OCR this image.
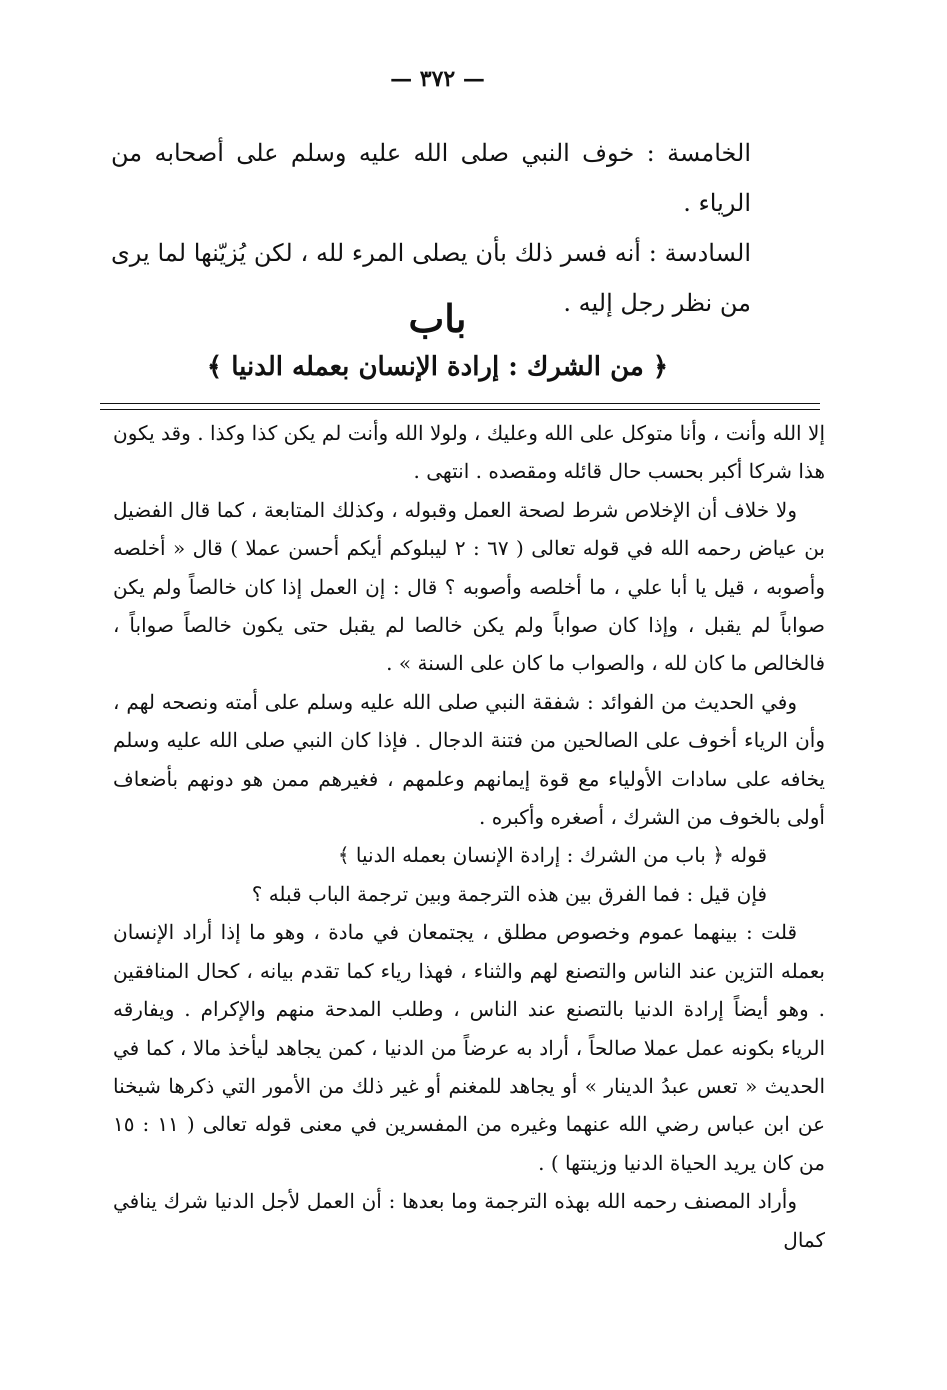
— ٣٧٢ —

الخامسة : خوف النبي صلى الله عليه وسلم على أصحابه من الرياء .

السادسة : أنه فسر ذلك بأن يصلى المرء لله ، لكن يُزيّنها لما يرى من نظر رجل إليه .

باب
﴿ من الشرك : إرادة الإنسان بعمله الدنيا ﴾

إلا الله وأنت ، وأنا متوكل على الله وعليك ، ولولا الله وأنت لم يكن كذا وكذا . وقد يكون هذا شركا أكبر بحسب حال قائله ومقصده . انتهى .

ولا خلاف أن الإخلاص شرط لصحة العمل وقبوله ، وكذلك المتابعة ، كما قال الفضيل بن عياض رحمه الله في قوله تعالى ( ٦٧ : ٢ ليبلوكم أيكم أحسن عملا ) قال « أخلصه وأصوبه ، قيل يا أبا علي ، ما أخلصه وأصوبه ؟ قال : إن العمل إذا كان خالصاً ولم يكن صواباً لم يقبل ، وإذا كان صواباً ولم يكن خالصا لم يقبل حتى يكون خالصاً صواباً ، فالخالص ما كان لله ، والصواب ما كان على السنة » .

وفي الحديث من الفوائد : شفقة النبي صلى الله عليه وسلم على أمته ونصحه لهم ، وأن الرياء أخوف على الصالحين من فتنة الدجال . فإذا كان النبي صلى الله عليه وسلم يخافه على سادات الأولياء مع قوة إيمانهم وعلمهم ، فغيرهم ممن هو دونهم بأضعاف أولى بالخوف من الشرك ، أصغره وأكبره .

قوله ﴿ باب من الشرك : إرادة الإنسان بعمله الدنيا ﴾

فإن قيل : فما الفرق بين هذه الترجمة وبين ترجمة الباب قبله ؟

قلت : بينهما عموم وخصوص مطلق ، يجتمعان في مادة ، وهو ما إذا أراد الإنسان بعمله التزين عند الناس والتصنع لهم والثناء ، فهذا رياء كما تقدم بيانه ، كحال المنافقين . وهو أيضاً إرادة الدنيا بالتصنع عند الناس ، وطلب المدحة منهم والإكرام . ويفارقه الرياء بكونه عمل عملا صالحاً ، أراد به عرضاً من الدنيا ، كمن يجاهد ليأخذ مالا ، كما في الحديث « تعس عبدُ الدينار » أو يجاهد للمغنم أو غير ذلك من الأمور التي ذكرها شيخنا عن ابن عباس رضي الله عنهما وغيره من المفسرين في معنى قوله تعالى ( ١١ : ١٥ من كان يريد الحياة الدنيا وزينتها ) .

وأراد المصنف رحمه الله بهذه الترجمة وما بعدها : أن العمل لأجل الدنيا شرك ينافي كمال
